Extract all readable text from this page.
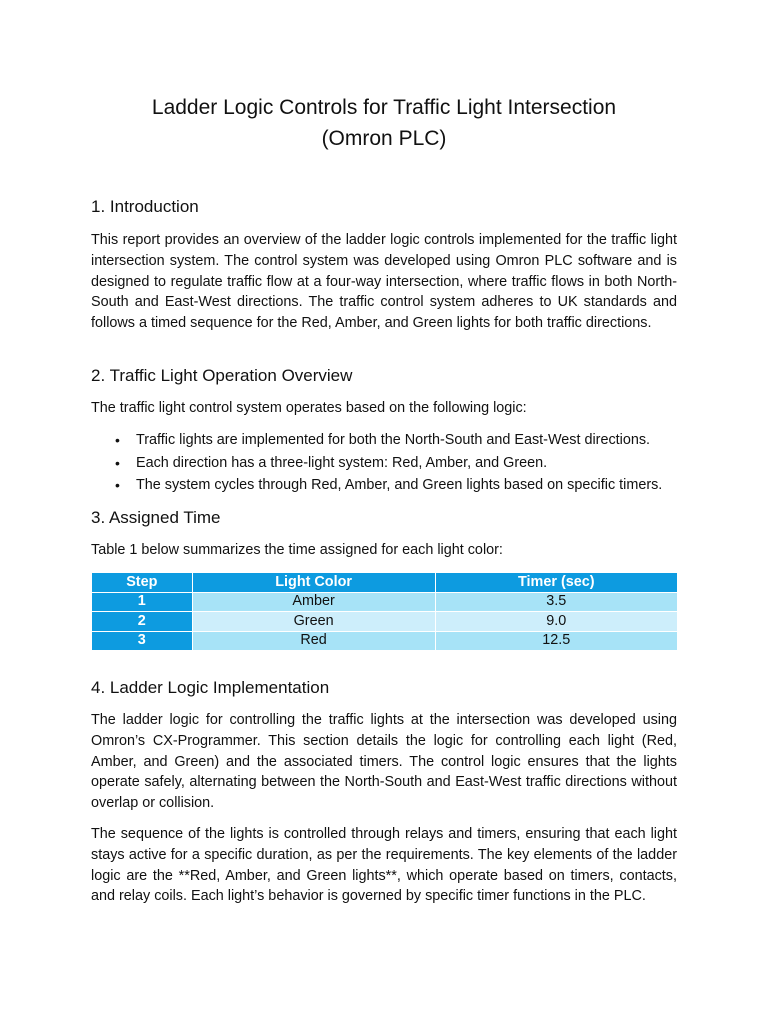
Ladder Logic Controls for Traffic Light Intersection
(Omron PLC)
1. Introduction
This report provides an overview of the ladder logic controls implemented for the traffic light intersection system. The control system was developed using Omron PLC software and is designed to regulate traffic flow at a four-way intersection, where traffic flows in both North-South and East-West directions. The traffic control system adheres to UK standards and follows a timed sequence for the Red, Amber, and Green lights for both traffic directions.
2. Traffic Light Operation Overview
The traffic light control system operates based on the following logic:
• Traffic lights are implemented for both the North-South and East-West directions.
• Each direction has a three-light system: Red, Amber, and Green.
• The system cycles through Red, Amber, and Green lights based on specific timers.
3. Assigned Time
Table 1 below summarizes the time assigned for each light color:
Step	Light Color	Timer (sec)
1	Amber	3.5
2	Green	9.0
3	Red	12.5
4. Ladder Logic Implementation
The ladder logic for controlling the traffic lights at the intersection was developed using Omron’s CX-Programmer. This section details the logic for controlling each light (Red, Amber, and Green) and the associated timers. The control logic ensures that the lights operate safely, alternating between the North-South and East-West traffic directions without overlap or collision.
The sequence of the lights is controlled through relays and timers, ensuring that each light stays active for a specific duration, as per the requirements. The key elements of the ladder logic are the **Red, Amber, and Green lights**, which operate based on timers, contacts, and relay coils. Each light’s behavior is governed by specific timer functions in the PLC.
